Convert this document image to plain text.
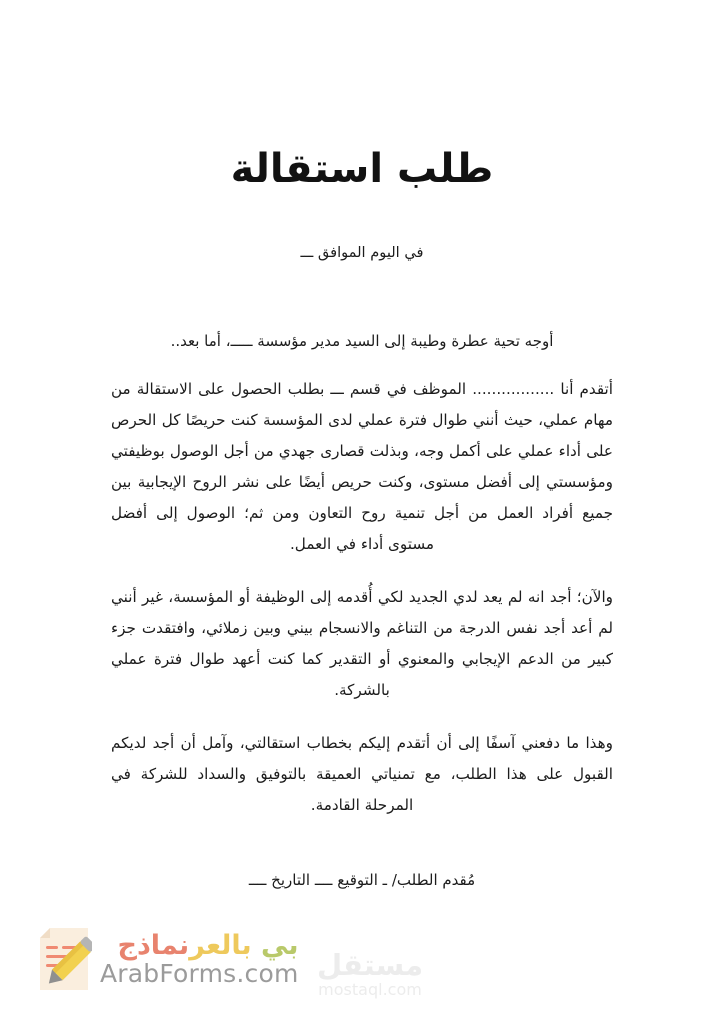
طلب استقالة
في اليوم الموافق ـــ
أوجه تحية عطرة وطيبة إلى السيد مدير مؤسسة ـــــ، أما بعد..

أتقدم أنا ................. الموظف في قسم ـــ بطلب الحصول على الاستقالة من مهام عملي، حيث أنني طوال فترة عملي لدى المؤسسة كنت حريصًا كل الحرص على أداء عملي على أكمل وجه، وبذلت قصارى جهدي من أجل الوصول بوظيفتي ومؤسستي إلى أفضل مستوى، وكنت حريص أيضًا على نشر الروح الإيجابية بين جميع أفراد العمل من أجل تنمية روح التعاون ومن ثم؛ الوصول إلى أفضل مستوى أداء في العمل.

والآن؛ أجد انه لم يعد لدي الجديد لكي أُقدمه إلى الوظيفة أو المؤسسة، غير أنني لم أعد أجد نفس الدرجة من التناغم والانسجام بيني وبين زملائي، وافتقدت جزء كبير من الدعم الإيجابي والمعنوي أو التقدير كما كنت أعهد طوال فترة عملي بالشركة.

وهذا ما دفعني آسفًا إلى أن أتقدم إليكم بخطاب استقالتي، وآمل أن أجد لديكم القبول على هذا الطلب، مع تمنياتي العميقة بالتوفيق والسداد للشركة في المرحلة القادمة.

مُقدم الطلب/ ـ التوقيع ــــ التاريخ ــــ
بي بالعرنماذج
ArabForms.com مستقل
mostaql.com
